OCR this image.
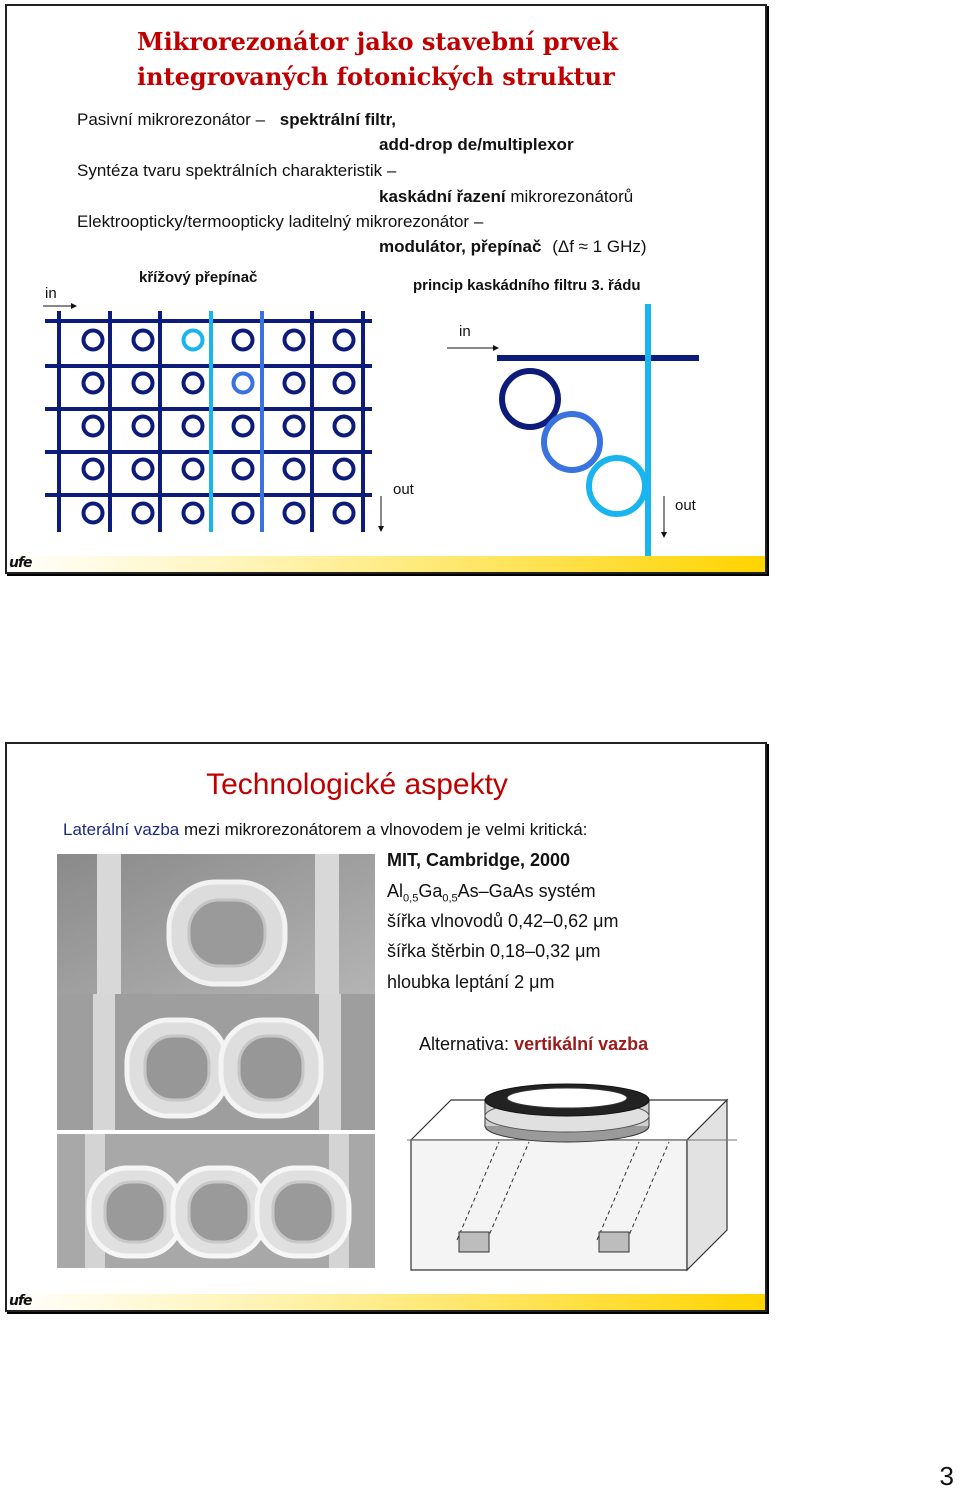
Mikrorezonátor jako stavební prvek
integrovaných fotonických struktur
Pasivní mikrorezonátor – spektrální filtr,
add-drop de/multiplexor
Syntéza tvaru spektrálních charakteristik –
kaskádní řazení mikrorezonátorů
Elektroopticky/termoopticky laditelný mikrorezonátor –
modulátor, přepínač (Δf ≈ 1 GHz)
křížový přepínač	princip kaskádního filtru 3. řádu
in
out
in
out
ufe
Technologické aspekty
Laterální vazba mezi mikrorezonátorem a vlnovodem je velmi kritická:
MIT, Cambridge, 2000
$Al_{0,5}Ga_{0,5}As$–GaAs systém
šířka vlnovodů 0,42–0,62 μm
šířka štěrbin 0,18–0,32 μm
hloubka leptání 2 μm
Alternativa: vertikální vazba
ufe
3
